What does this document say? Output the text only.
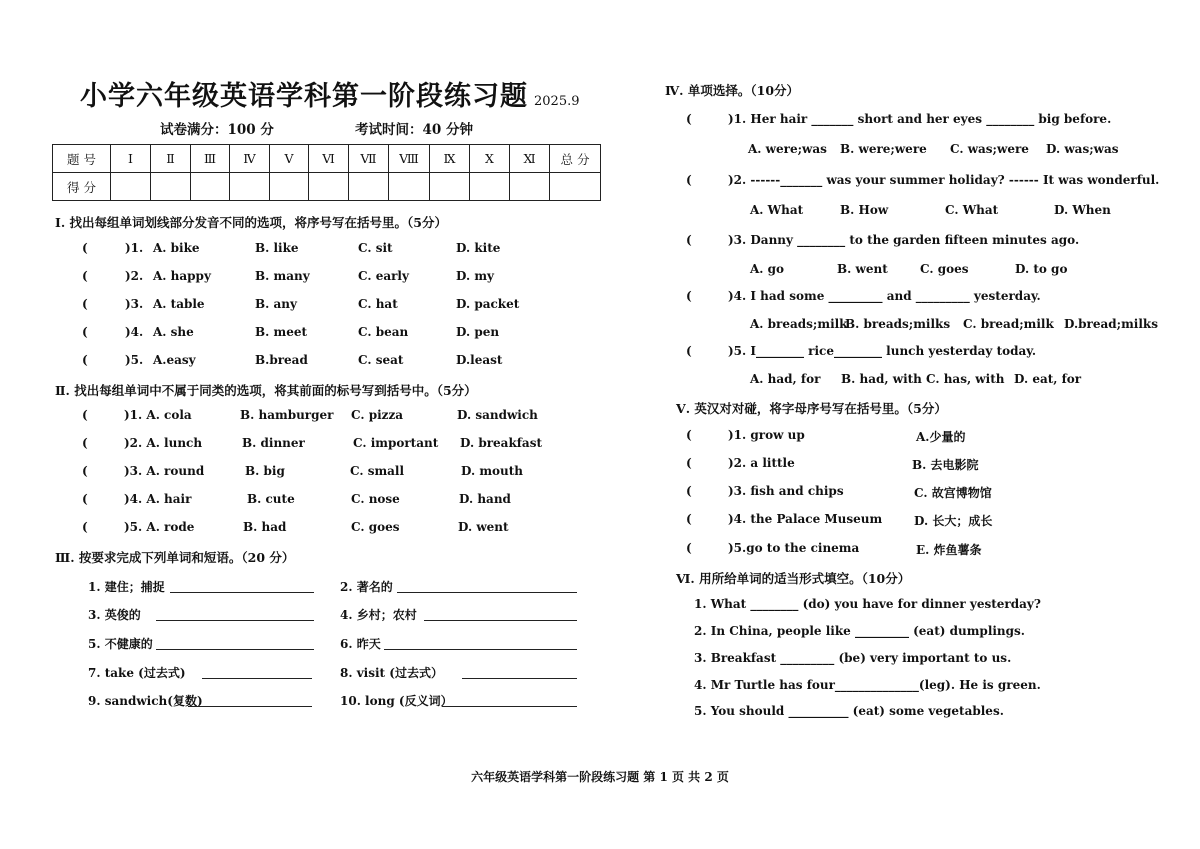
小学六年级英语学科第一阶段练习题 2025.9
试卷满分：100 分	考试时间：40 分钟
题 号	Ⅰ	Ⅱ	Ⅲ	Ⅳ	Ⅴ	Ⅵ	Ⅶ	Ⅷ	Ⅸ	Ⅹ	Ⅺ	总 分
得 分												
Ⅰ. 找出每组单词划线部分发音不同的选项，将序号写在括号里。（5分）
(	)1. A. bike	B. like	C. sit	D. kite
(	)2. A. happy	B. many	C. early	D. my
(	)3. A. table	B. any	C. hat	D. packet
(	)4. A. she	B. meet	C. bean	D. pen
(	)5. A.easy	B.bread	C. seat	D.least
Ⅱ. 找出每组单词中不属于同类的选项，将其前面的标号写到括号中。（5分）
(	)1. A. cola	B. hamburger C. pizza	D. sandwich
(	)2. A. lunch	B. dinner	C. important D. breakfast
(	)3. A. round	B. big	C. small	D. mouth
(	)4. A. hair	B. cute	C. nose	D. hand
(	)5. A. rode	B. had	C. goes	D. went
Ⅲ. 按要求完成下列单词和短语。（20 分）
1. 建住；捕捉	2. 著名的
3. 英俊的	4. 乡村；农村
5. 不健康的	6. 昨天
7. take (过去式)	8. visit (过去式）
9. sandwich(复数)	10. long (反义词）
Ⅳ. 单项选择。（10分）
(	)1. Her hair _______ short and her eyes ________ big before.
A. were;was B. were;were C. was;were D. was;was
(	)2. ------_______ was your summer holiday? ------ It was wonderful.
A. What	B. How	C. What	D. When
(	)3. Danny ________ to the garden fifteen minutes ago.
A. go	B. went	C. goes	D. to go
(	)4. I had some _________ and _________ yesterday.
A. breads;milk
B. breads;milks C. bread;milk D.bread;milks
(	)5. I________ rice________ lunch yesterday today.
A. had, for B. had, with C. has, with D. eat, for
Ⅴ. 英汉对对碰，将字母序号写在括号里。（5分）
(	)1. grow up	A.少量的
(	)2. a little	B. 去电影院
(	)3. fish and chips	C. 故宫博物馆
(	)4. the Palace Museum	D. 长大；成长
(	)5.go to the cinema	E. 炸鱼薯条
Ⅵ. 用所给单词的适当形式填空。（10分）
1. What ________ (do) you have for dinner yesterday?
2. In China, people like _________ (eat) dumplings.
3. Breakfast _________ (be) very important to us.
4. Mr Turtle has four______________(leg). He is green.
5. You should __________ (eat) some vegetables.
六年级英语学科第一阶段练习题 第 1 页 共 2 页
